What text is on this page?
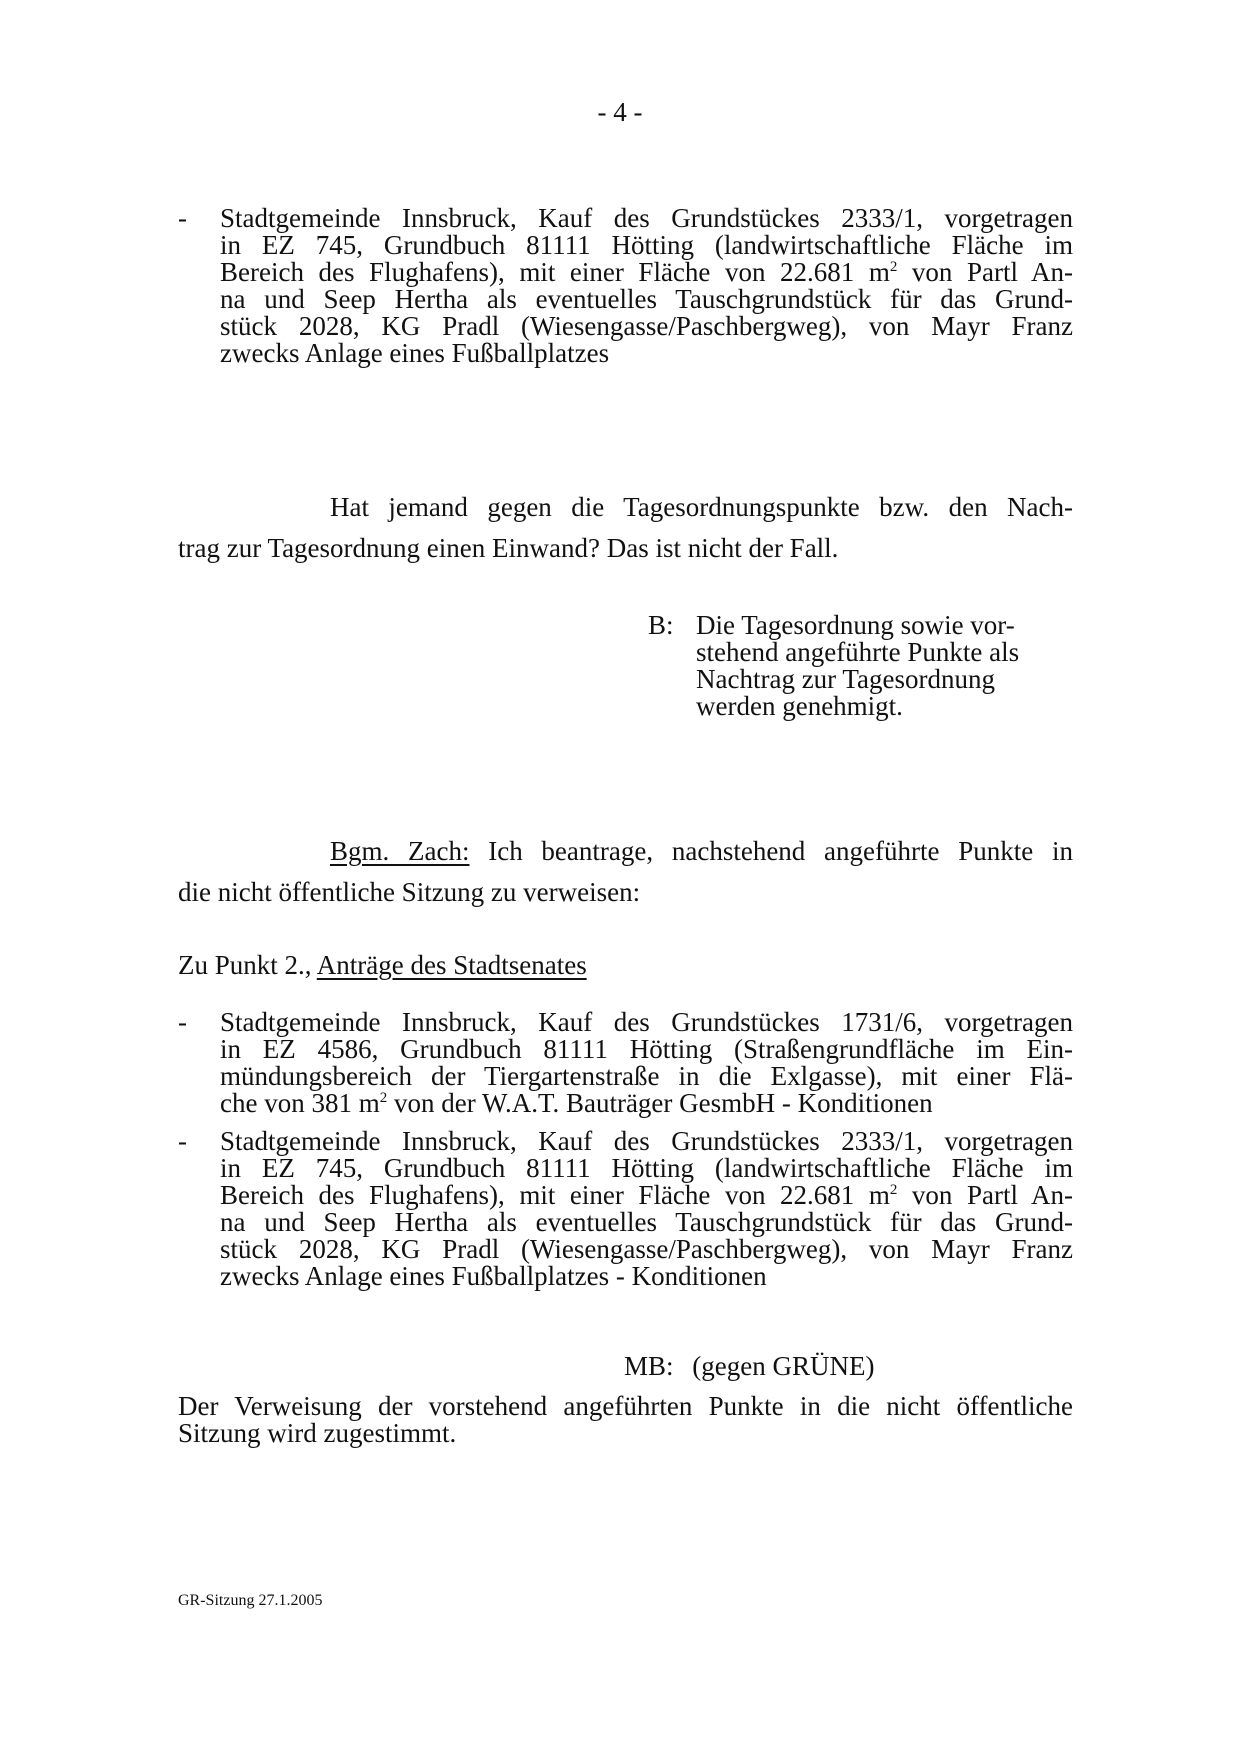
- 4 -
- Stadtgemeinde Innsbruck, Kauf des Grundstückes 2333/1, vorgetragen
in EZ 745, Grundbuch 81111 Hötting (landwirtschaftliche Fläche im
Bereich des Flughafens), mit einer Fläche von 22.681 $m^2$ von Partl An-
na und Seep Hertha als eventuelles Tauschgrundstück für das Grund-
stück 2028, KG Pradl (Wiesengasse/Paschbergweg), von Mayr Franz
zwecks Anlage eines Fußballplatzes
Hat jemand gegen die Tagesordnungspunkte bzw. den Nach-
trag zur Tagesordnung einen Einwand? Das ist nicht der Fall.
B: Die Tagesordnung sowie vor-
stehend angeführte Punkte als
Nachtrag zur Tagesordnung
werden genehmigt.
Bgm. Zach: Ich beantrage, nachstehend angeführte Punkte in
die nicht öffentliche Sitzung zu verweisen:
Zu Punkt 2., Anträge des Stadtsenates
- Stadtgemeinde Innsbruck, Kauf des Grundstückes 1731/6, vorgetragen
in EZ 4586, Grundbuch 81111 Hötting (Straßengrundfläche im Ein-
mündungsbereich der Tiergartenstraße in die Exlgasse), mit einer Flä-
che von 381 $m^2$ von der W.A.T. Bauträger GesmbH - Konditionen
- Stadtgemeinde Innsbruck, Kauf des Grundstückes 2333/1, vorgetragen
in EZ 745, Grundbuch 81111 Hötting (landwirtschaftliche Fläche im
Bereich des Flughafens), mit einer Fläche von 22.681 $m^2$ von Partl An-
na und Seep Hertha als eventuelles Tauschgrundstück für das Grund-
stück 2028, KG Pradl (Wiesengasse/Paschbergweg), von Mayr Franz
zwecks Anlage eines Fußballplatzes - Konditionen
MB: (gegen GRÜNE)
Der Verweisung der vorstehend angeführten Punkte in die nicht öffentliche
Sitzung wird zugestimmt.
GR-Sitzung 27.1.2005
